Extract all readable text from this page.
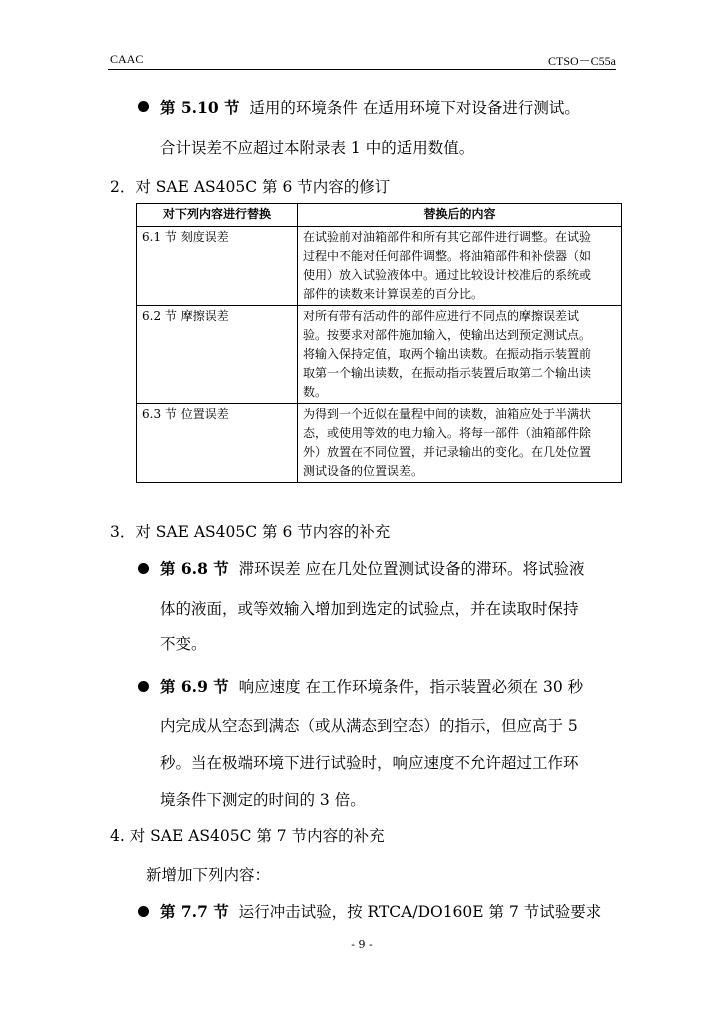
CAAC	CTSO－C55a
第 5.10 节 适用的环境条件 在适用环境下对设备进行测试。
合计误差不应超过本附录表 1 中的适用数值。
2．对 SAE AS405C 第 6 节内容的修订
对下列内容进行替换	替换后的内容
6.1 节 刻度误差	在试验前对油箱部件和所有其它部件进行调整。在试验
过程中不能对任何部件调整。将油箱部件和补偿器（如
使用）放入试验液体中。通过比较设计校准后的系统或
部件的读数来计算误差的百分比。

6.2 节 摩擦误差	对所有带有活动件的部件应进行不同点的摩擦误差试
验。按要求对部件施加输入，使输出达到预定测试点。
将输入保持定值，取两个输出读数。在振动指示装置前
取第一个输出读数，在振动指示装置后取第二个输出读
数。

6.3 节 位置误差	为得到一个近似在量程中间的读数，油箱应处于半满状
态，或使用等效的电力输入。将每一部件（油箱部件除
外）放置在不同位置，并记录输出的变化。在几处位置
测试设备的位置误差。
3．对 SAE AS405C 第 6 节内容的补充
第 6.8 节 滞环误差 应在几处位置测试设备的滞环。将试验液
体的液面，或等效输入增加到选定的试验点，并在读取时保持
不变。
第 6.9 节 响应速度 在工作环境条件，指示装置必须在 30 秒
内完成从空态到满态（或从满态到空态）的指示，但应高于 5
秒。当在极端环境下进行试验时，响应速度不允许超过工作环
境条件下测定的时间的 3 倍。
4. 对 SAE AS405C 第 7 节内容的补充
新增加下列内容：
第 7.7 节 运行冲击试验，按 RTCA/DO160E 第 7 节试验要求
- 9 -
